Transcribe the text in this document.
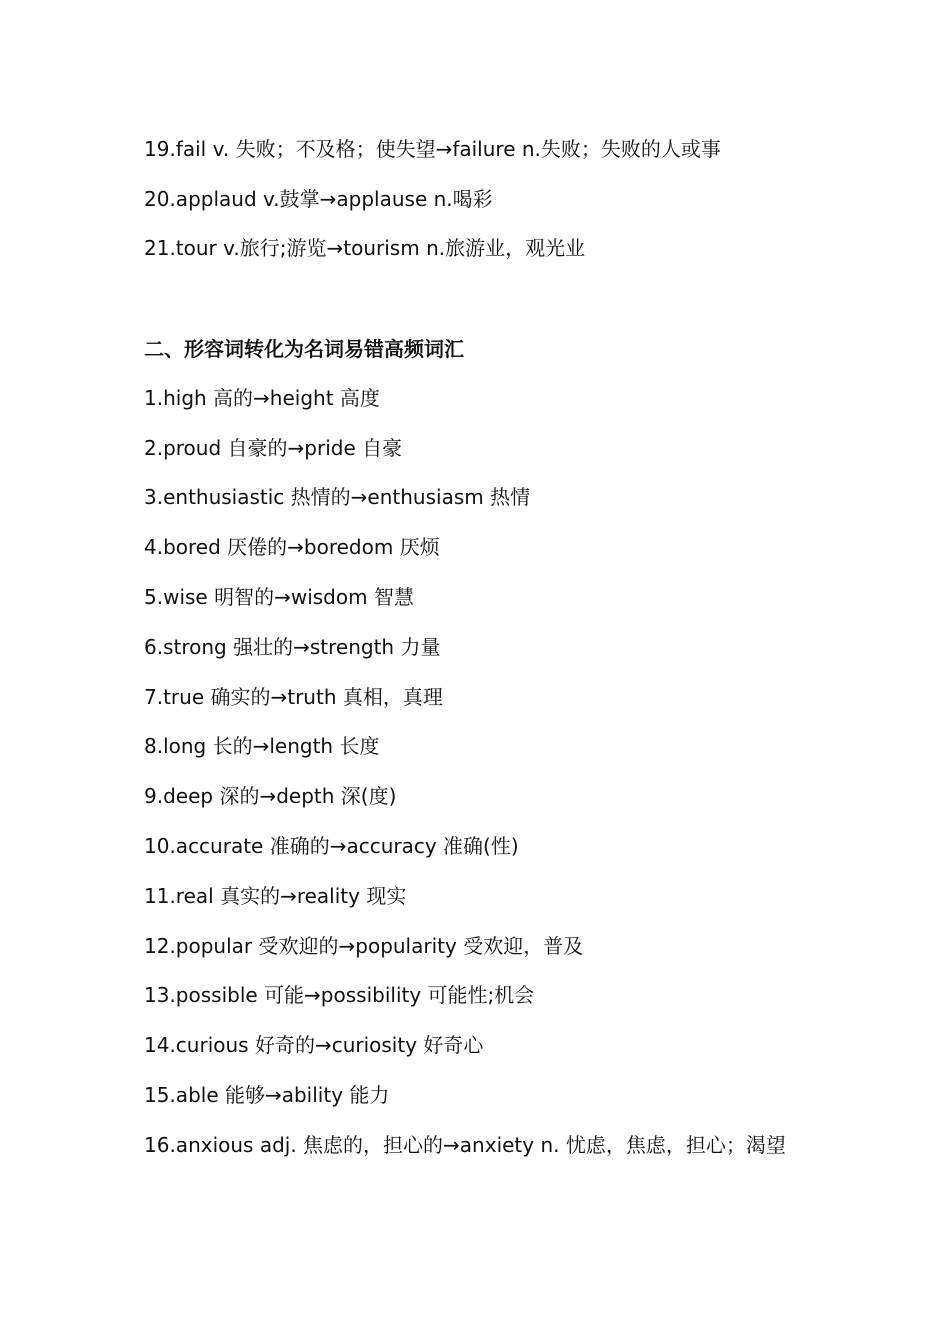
19.fail v. 失败；不及格；使失望→failure n.失败；失败的人或事
20.applaud v.鼓掌→applause n.喝彩
21.tour v.旅行;游览→tourism n.旅游业，观光业
二、形容词转化为名词易错高频词汇
1.high 高的→height 高度
2.proud 自豪的→pride 自豪
3.enthusiastic 热情的→enthusiasm 热情
4.bored 厌倦的→boredom 厌烦
5.wise 明智的→wisdom 智慧
6.strong 强壮的→strength 力量
7.true 确实的→truth 真相，真理
8.long 长的→length 长度
9.deep 深的→depth 深(度)
10.accurate 准确的→accuracy 准确(性)
11.real 真实的→reality 现实
12.popular 受欢迎的→popularity 受欢迎，普及
13.possible 可能→possibility 可能性;机会
14.curious 好奇的→curiosity 好奇心
15.able 能够→ability 能力
16.anxious adj. 焦虑的，担心的→anxiety n. 忧虑，焦虑，担心；渴望
